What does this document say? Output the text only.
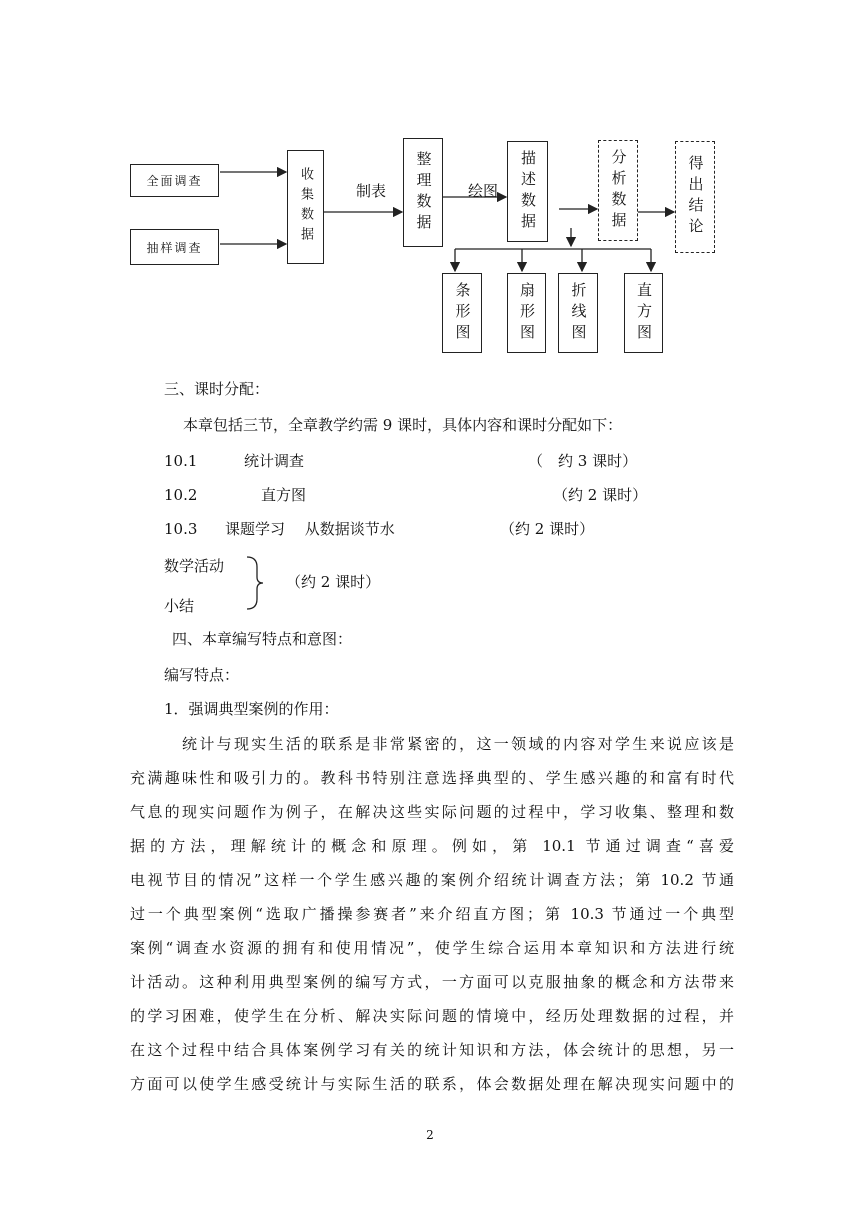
全面调查
抽样调查
收集数据	制表 整理数据 绘图 描述数据	分析数据	得出结论
条形图	扇形图 折线图	直方图
三、课时分配：
本章包括三节，全章教学约需 9 课时，具体内容和课时分配如下：
10.1	统计调查	（　约 3 课时）
10.2	直方图	（约 2 课时）
10.3 课题学习　 从数据谈节水	（约 2 课时）
数学活动
小结
（约 2 课时）
四、本章编写特点和意图：
编写特点：
1．强调典型案例的作用：
统计与现实生活的联系是非常紧密的，这一领域的内容对学生来说应该是
充满趣味性和吸引力的。教科书特别注意选择典型的、学生感兴趣的和富有时代
气息的现实问题作为例子，在解决这些实际问题的过程中，学习收集、整理和数
据的方法，理解统计的概念和原理。例如，第 10.1 节通过调查“喜爱
电视节目的情况”这样一个学生感兴趣的案例介绍统计调查方法；第 10.2 节通
过一个典型案例“选取广播操参赛者”来介绍直方图；第 10.3 节通过一个典型
案例“调查水资源的拥有和使用情况”，使学生综合运用本章知识和方法进行统
计活动。这种利用典型案例的编写方式，一方面可以克服抽象的概念和方法带来
的学习困难，使学生在分析、解决实际问题的情境中，经历处理数据的过程，并
在这个过程中结合具体案例学习有关的统计知识和方法，体会统计的思想，另一
方面可以使学生感受统计与实际生活的联系，体会数据处理在解决现实问题中的
2
